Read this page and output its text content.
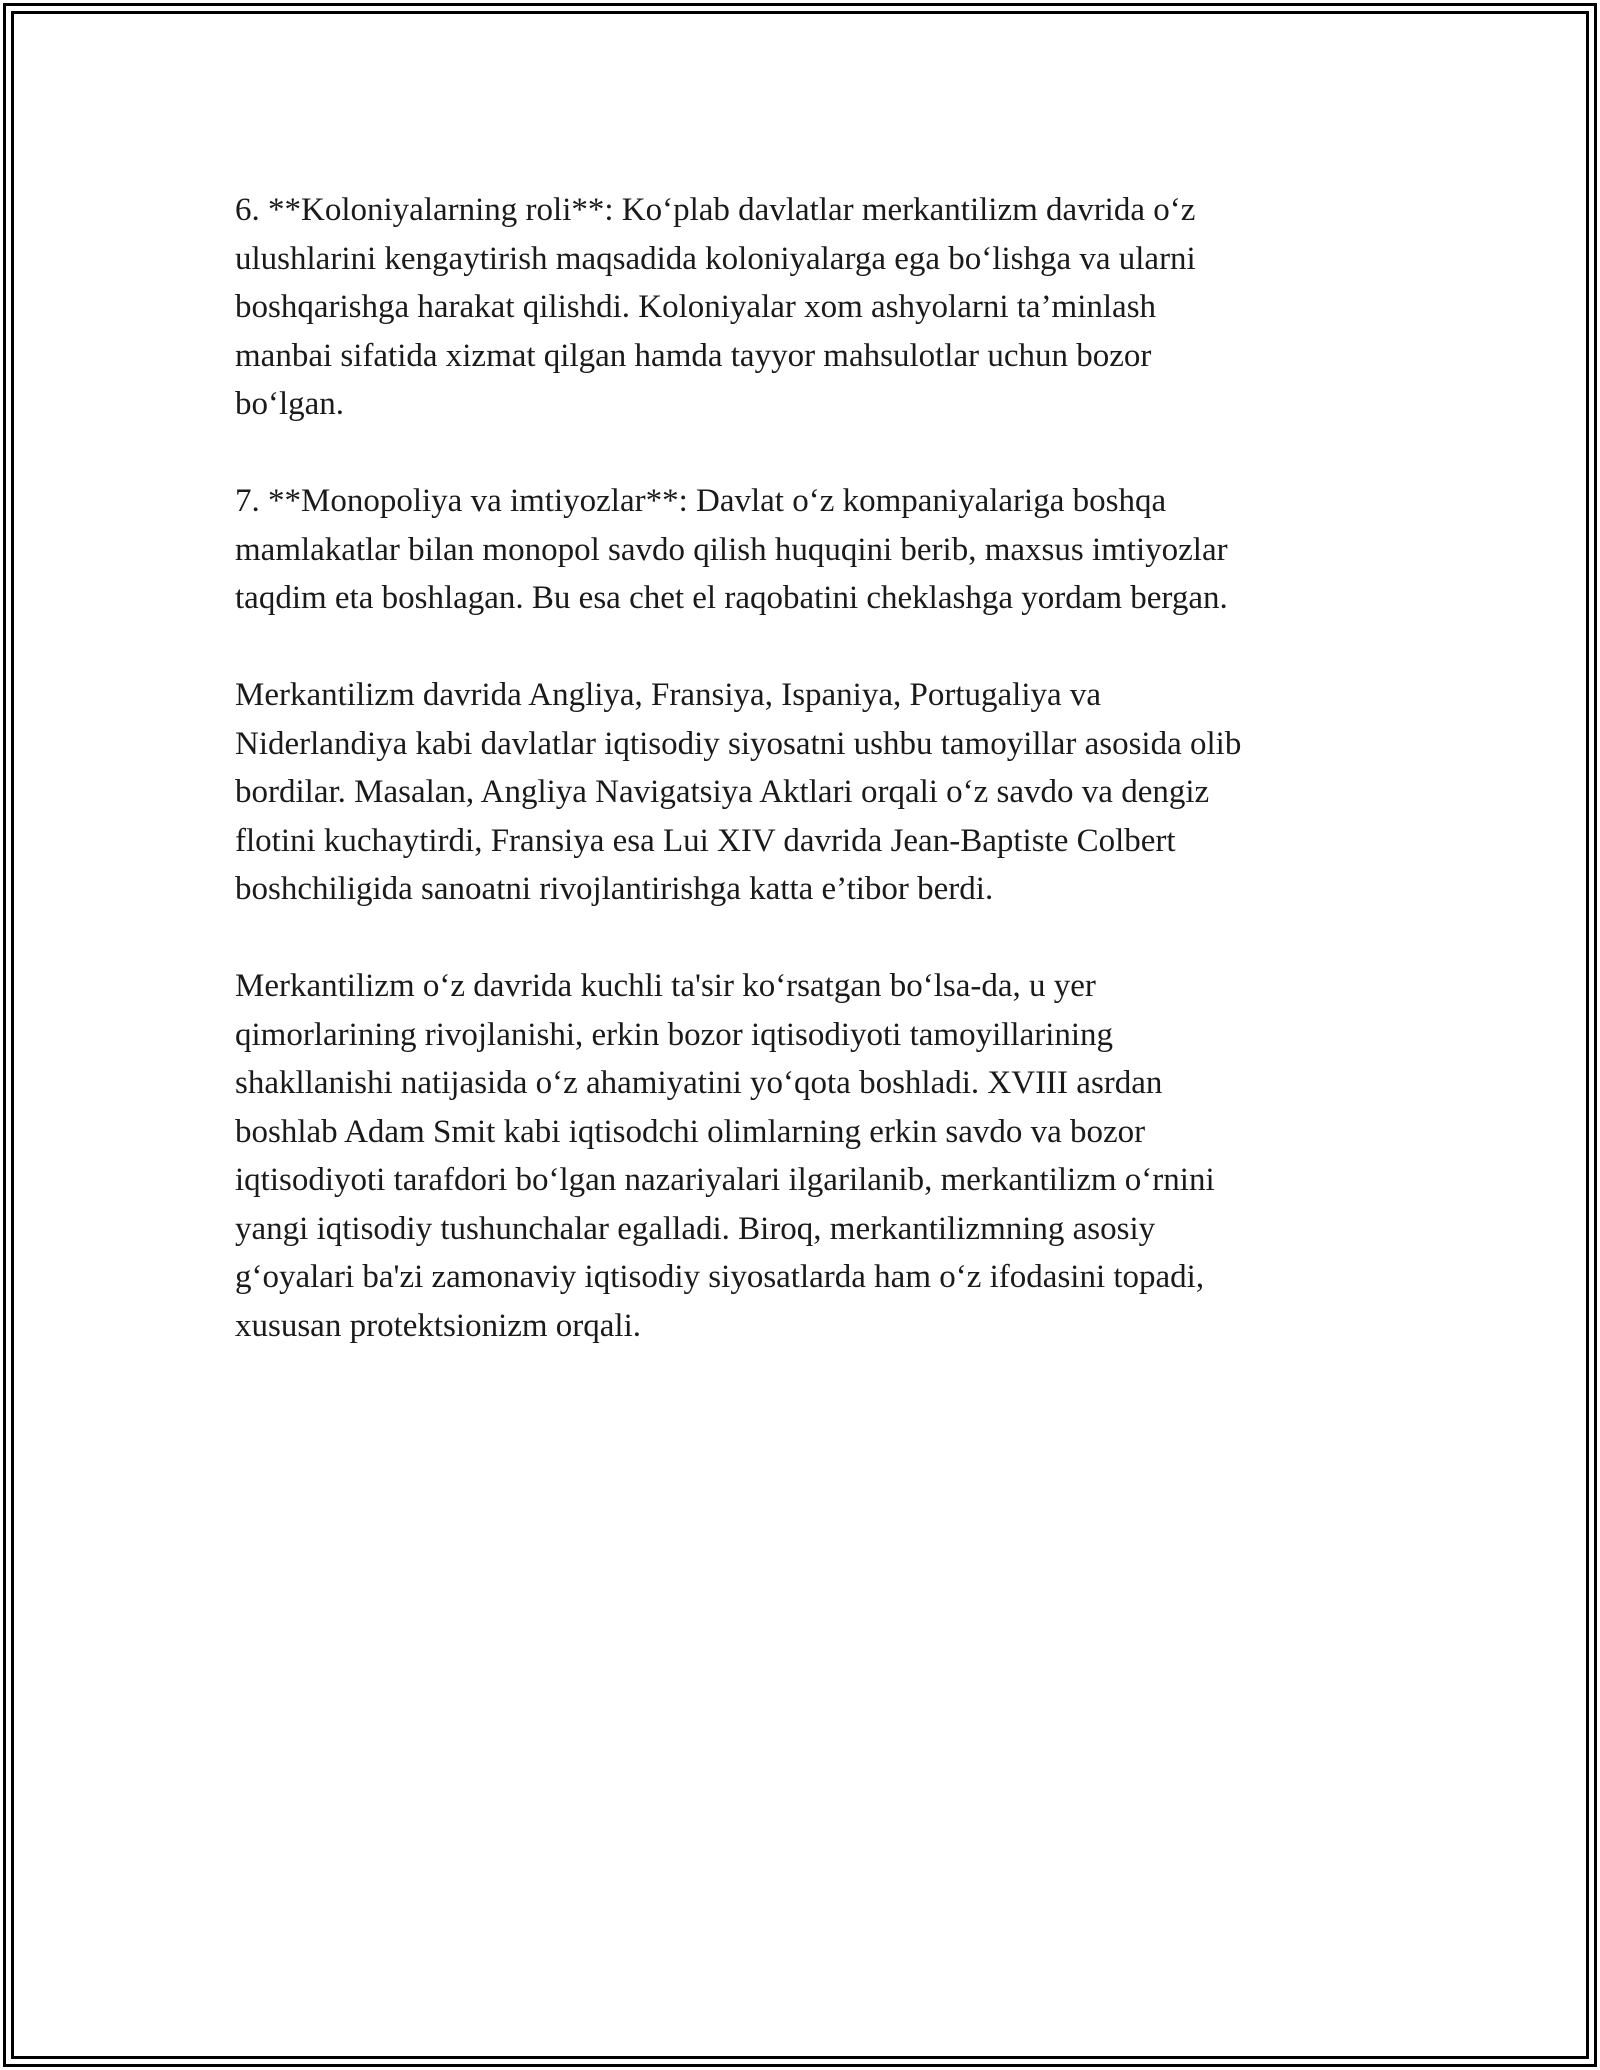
6. **Koloniyalarning roli**: Ko‘plab davlatlar merkantilizm davrida o‘z
ulushlarini kengaytirish maqsadida koloniyalarga ega bo‘lishga va ularni
boshqarishga harakat qilishdi. Koloniyalar xom ashyolarni ta’minlash
manbai sifatida xizmat qilgan hamda tayyor mahsulotlar uchun bozor
bo‘lgan.

7. **Monopoliya va imtiyozlar**: Davlat o‘z kompaniyalariga boshqa
mamlakatlar bilan monopol savdo qilish huquqini berib, maxsus imtiyozlar
taqdim eta boshlagan. Bu esa chet el raqobatini cheklashga yordam bergan.

Merkantilizm davrida Angliya, Fransiya, Ispaniya, Portugaliya va
Niderlandiya kabi davlatlar iqtisodiy siyosatni ushbu tamoyillar asosida olib
bordilar. Masalan, Angliya Navigatsiya Aktlari orqali o‘z savdo va dengiz
flotini kuchaytirdi, Fransiya esa Lui XIV davrida Jean-Baptiste Colbert
boshchiligida sanoatni rivojlantirishga katta e’tibor berdi.

Merkantilizm o‘z davrida kuchli ta'sir ko‘rsatgan bo‘lsa-da, u yer
qimorlarining rivojlanishi, erkin bozor iqtisodiyoti tamoyillarining
shakllanishi natijasida o‘z ahamiyatini yo‘qota boshladi. XVIII asrdan
boshlab Adam Smit kabi iqtisodchi olimlarning erkin savdo va bozor
iqtisodiyoti tarafdori bo‘lgan nazariyalari ilgarilanib, merkantilizm o‘rnini
yangi iqtisodiy tushunchalar egalladi. Biroq, merkantilizmning asosiy
g‘oyalari ba'zi zamonaviy iqtisodiy siyosatlarda ham o‘z ifodasini topadi,
xususan protektsionizm orqali.
